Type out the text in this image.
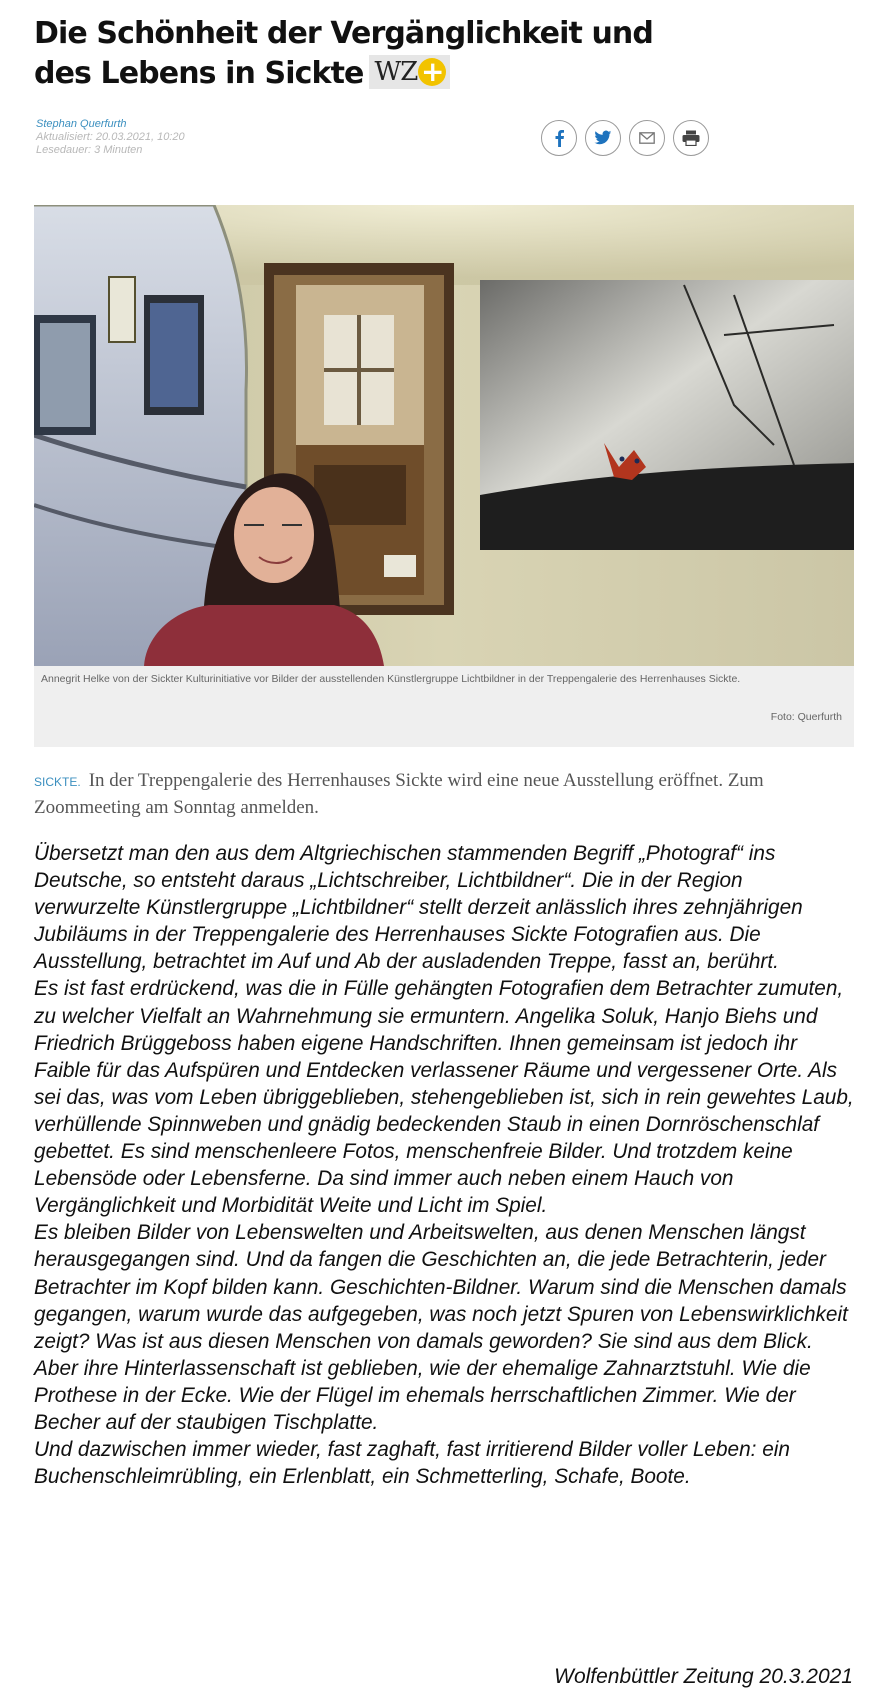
Die Schönheit der Vergänglichkeit und des Lebens in Sickte WZ +
Stephan Querfurth
Aktualisiert: 20.03.2021, 10:20
Lesedauer: 3 Minuten
Annegrit Helke von der Sickter Kulturinitiative vor Bilder der ausstellenden Künstlergruppe Lichtbildner in der Treppengalerie des Herrenhauses Sickte.
Foto: Querfurth
SICKTE. In der Treppengalerie des Herrenhauses Sickte wird eine neue Ausstellung eröffnet. Zum Zoommeeting am Sonntag anmelden.

Übersetzt man den aus dem Altgriechischen stammenden Begriff „Photograf“ ins Deutsche, so entsteht daraus „Lichtschreiber, Lichtbildner“. Die in der Region verwurzelte Künstlergruppe „Lichtbildner“ stellt derzeit anlässlich ihres zehnjährigen Jubiläums in der Treppengalerie des Herrenhauses Sickte Fotografien aus. Die Ausstellung, betrachtet im Auf und Ab der ausladenden Treppe, fasst an, berührt.

Es ist fast erdrückend, was die in Fülle gehängten Fotografien dem Betrachter zumuten, zu welcher Vielfalt an Wahrnehmung sie ermuntern. Angelika Soluk, Hanjo Biehs und Friedrich Brüggeboss haben eigene Handschriften. Ihnen gemeinsam ist jedoch ihr Faible für das Aufspüren und Entdecken verlassener Räume und vergessener Orte. Als sei das, was vom Leben übriggeblieben, stehengeblieben ist, sich in rein gewehtes Laub, verhüllende Spinnweben und gnädig bedeckenden Staub in einen Dornröschenschlaf gebettet. Es sind menschenleere Fotos, menschenfreie Bilder. Und trotzdem keine Lebensöde oder Lebensferne. Da sind immer auch neben einem Hauch von Vergänglichkeit und Morbidität Weite und Licht im Spiel.

Es bleiben Bilder von Lebenswelten und Arbeitswelten, aus denen Menschen längst herausgegangen sind. Und da fangen die Geschichten an, die jede Betrachterin, jeder Betrachter im Kopf bilden kann. Geschichten-Bildner. Warum sind die Menschen damals gegangen, warum wurde das aufgegeben, was noch jetzt Spuren von Lebenswirklichkeit zeigt? Was ist aus diesen Menschen von damals geworden? Sie sind aus dem Blick. Aber ihre Hinterlassenschaft ist geblieben, wie der ehemalige Zahnarztstuhl. Wie die Prothese in der Ecke. Wie der Flügel im ehemals herrschaftlichen Zimmer. Wie der Becher auf der staubigen Tischplatte.

Und dazwischen immer wieder, fast zaghaft, fast irritierend Bilder voller Leben: ein Buchenschleimrübling, ein Erlenblatt, ein Schmetterling, Schafe, Boote.

Wolfenbüttler Zeitung 20.3.2021
